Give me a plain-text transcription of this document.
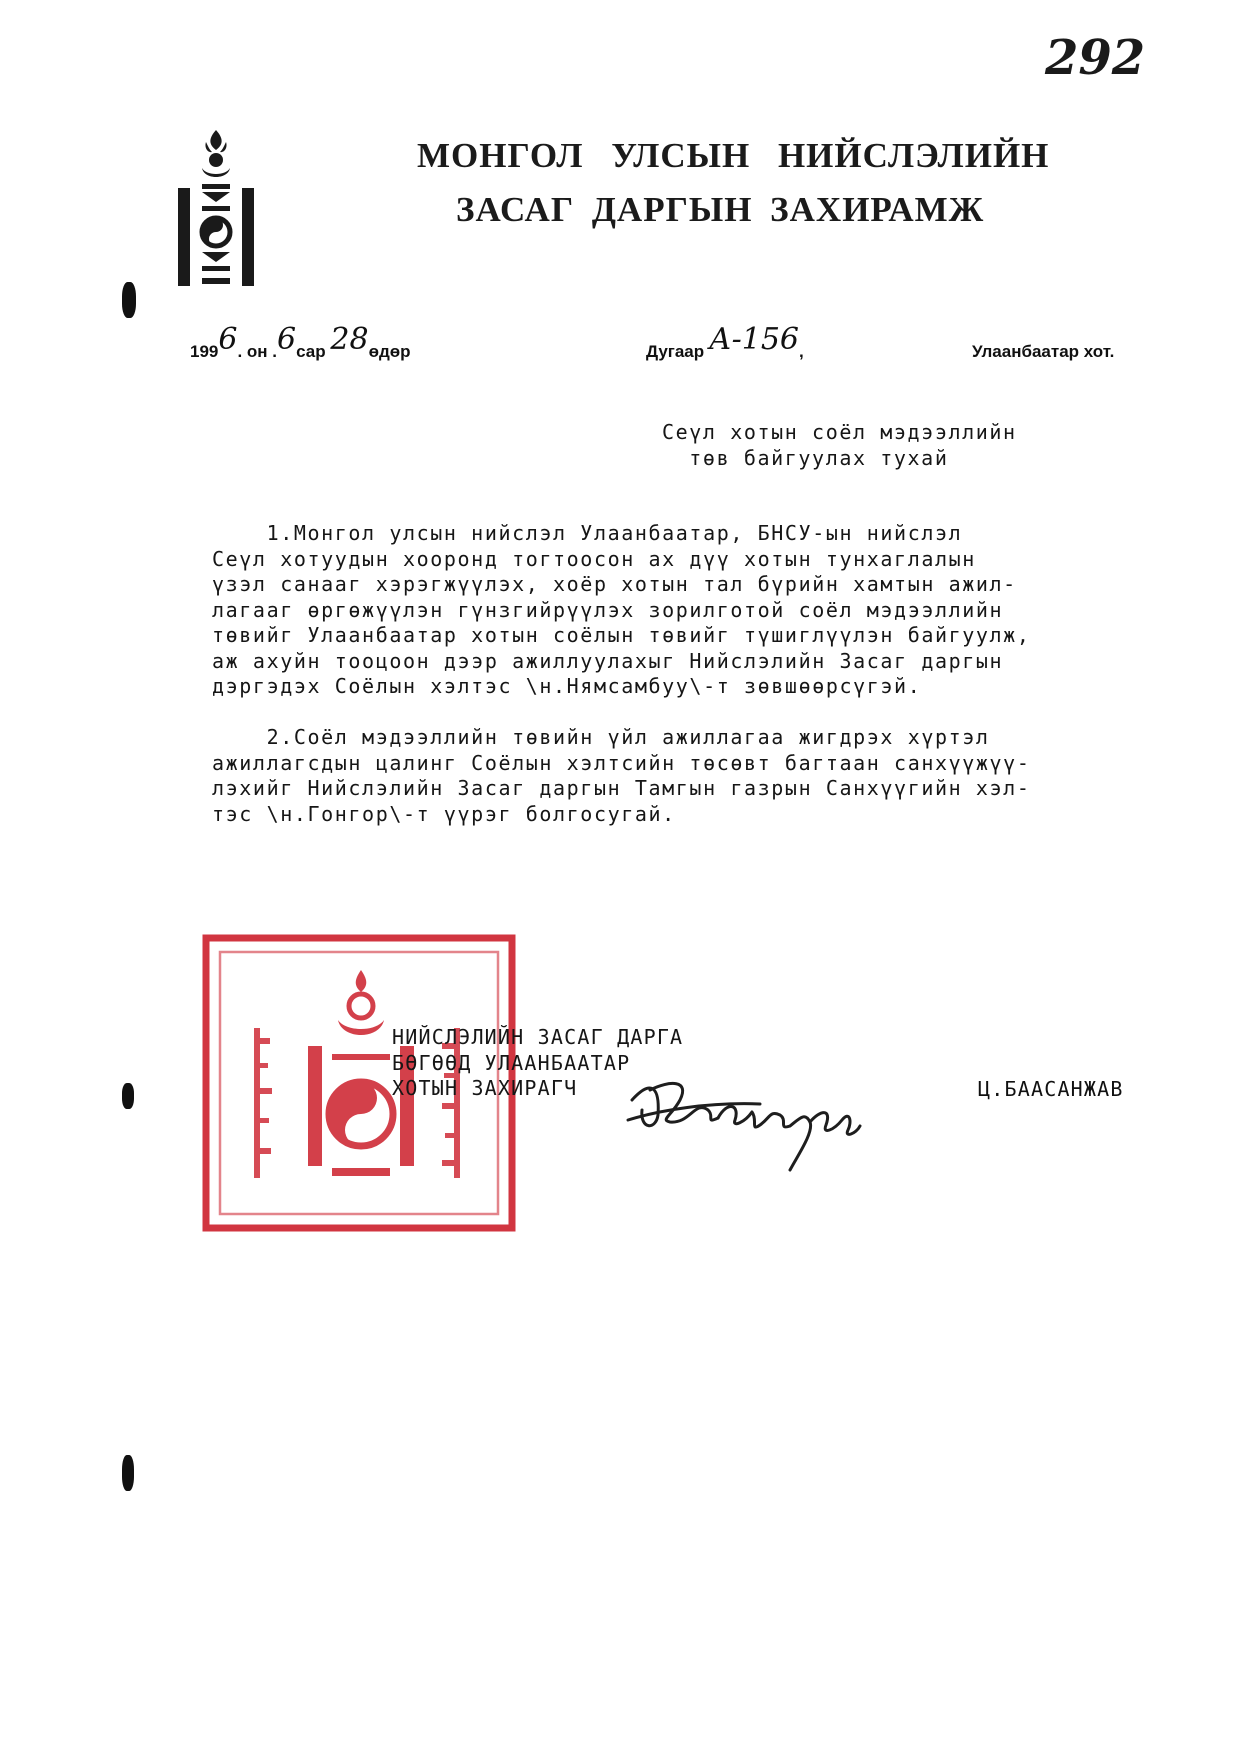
292
МОНГОЛ УЛСЫН НИЙСЛЭЛИЙН
ЗАСАГ ДАРГЫН ЗАХИРАМЖ
1996. он .6сар 28өдөр	Дугаар А-156,	Улаанбаатар хот.
Сеүл хотын соёл мэдээллийн
төв байгуулах тухай
1.Монгол улсын нийслэл Улаанбаатар, БНСУ-ын нийслэл
Сеүл хотуудын хооронд тогтоосон ах дүү хотын тунхаглалын
үзэл санааг хэрэгжүүлэх, хоёр хотын тал бүрийн хамтын ажил-
лагааг өргөжүүлэн гүнзгийрүүлэх зорилготой соёл мэдээллийн
төвийг Улаанбаатар хотын соёлын төвийг түшиглүүлэн байгуулж,
аж ахуйн тооцоон дээр ажиллуулахыг Нийслэлийн Засаг даргын
дэргэдэх Соёлын хэлтэс \н.Нямсамбуу\-т зөвшөөрсүгэй.
2.Соёл мэдээллийн төвийн үйл ажиллагаа жигдрэх хүртэл
ажиллагсдын цалинг Соёлын хэлтсийн төсөвт багтаан санхүүжүү-
лэхийг Нийслэлийн Засаг даргын Тамгын газрын Санхүүгийн хэл-
тэс \н.Гонгор\-т үүрэг болгосугай.
НИЙСЛЭЛИЙН ЗАСАГ ДАРГА
БӨГӨӨД УЛААНБААТАР
ХОТЫН ЗАХИРАГЧ	Ц.БААСАНЖАВ
